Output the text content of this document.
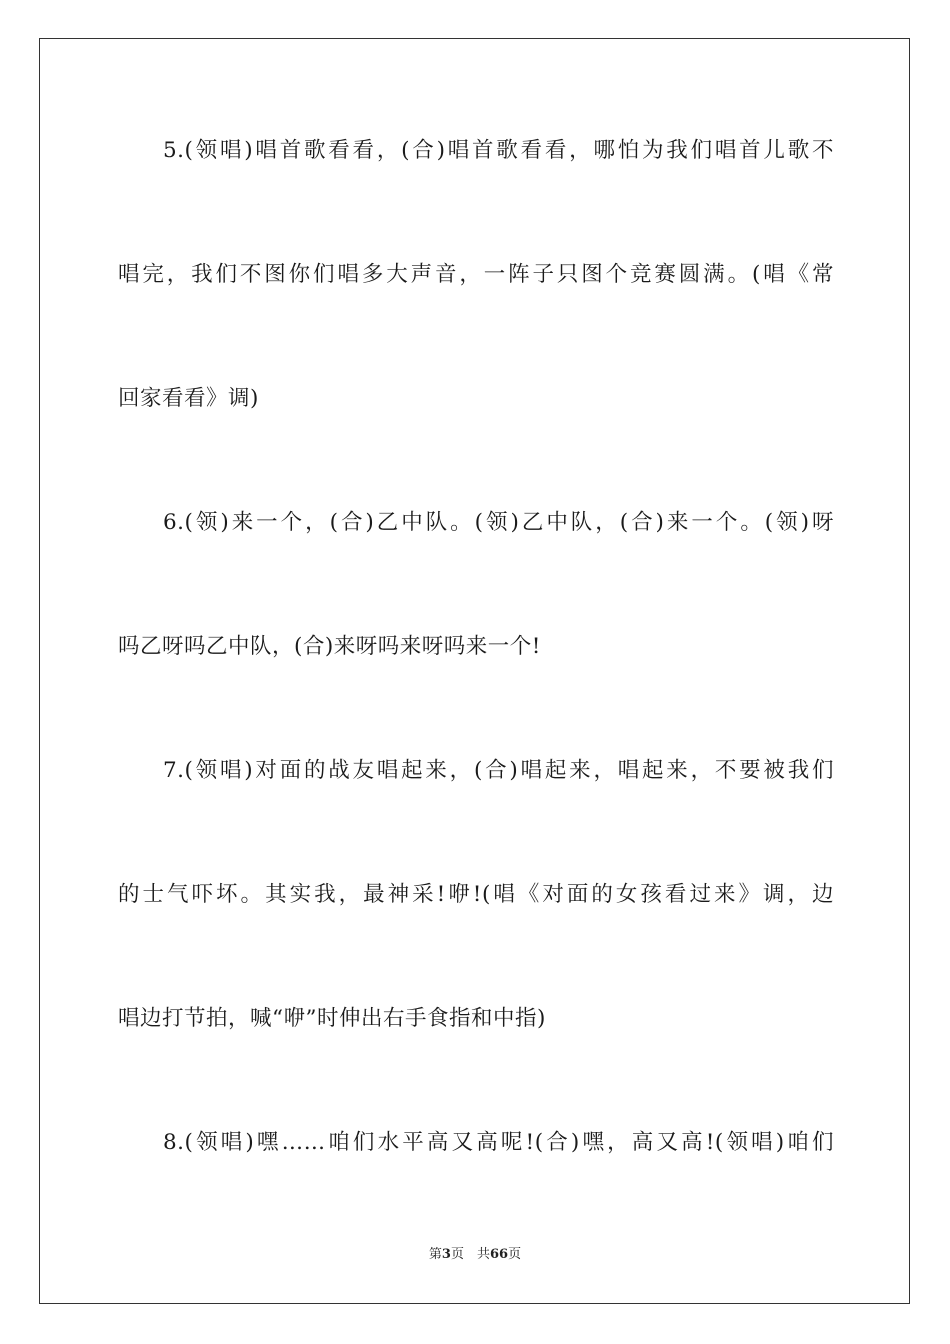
5.(领唱)唱首歌看看，(合)唱首歌看看，哪怕为我们唱首儿歌不
唱完，我们不图你们唱多大声音，一阵子只图个竞赛圆满。(唱《常
回家看看》调)
6.(领)来一个，(合)乙中队。(领)乙中队，(合)来一个。(领)呀
吗乙呀吗乙中队，(合)来呀吗来呀吗来一个!
7.(领唱)对面的战友唱起来，(合)唱起来，唱起来，不要被我们
的士气吓坏。其实我，最神采!咿!(唱《对面的女孩看过来》调，边
唱边打节拍，喊“咿”时伸出右手食指和中指)
8.(领唱)嘿……咱们水平高又高呢!(合)嘿，高又高!(领唱)咱们
第3页　共66页
